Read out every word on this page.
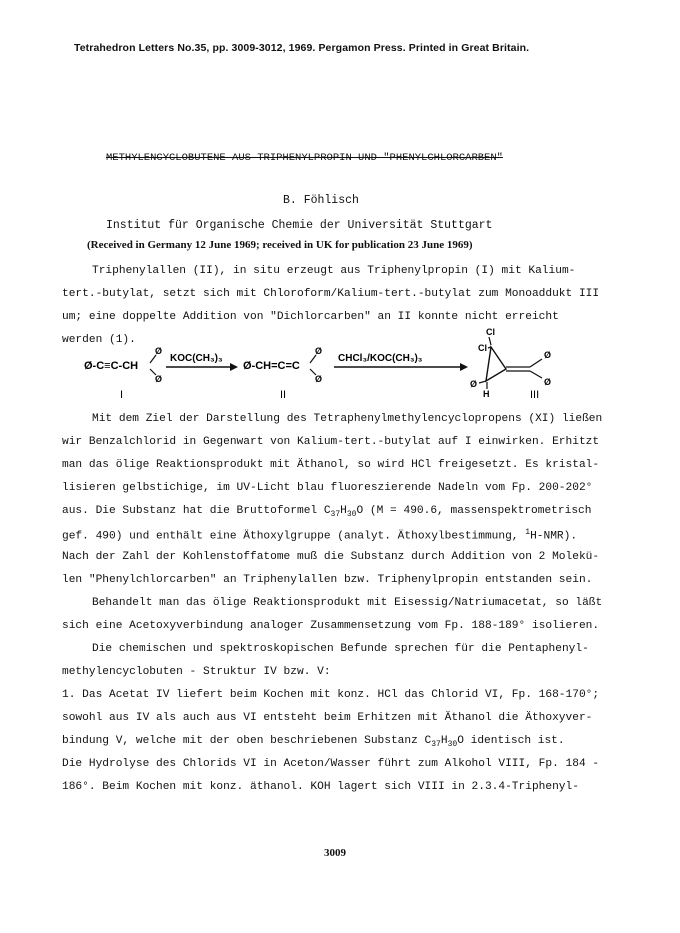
Tetrahedron Letters No.35, pp. 3009-3012, 1969. Pergamon Press. Printed in Great Britain.
METHYLENCYCLOBUTENE AUS TRIPHENYLPROPIN UND "PHENYLCHLORCARBEN"
B. Föhlisch
Institut für Organische Chemie der Universität Stuttgart
(Received in Germany 12 June 1969; received in UK for publication 23 June 1969)
Triphenylallen (II), in situ erzeugt aus Triphenylpropin (I) mit Kalium-
tert.-butylat, setzt sich mit Chloroform/Kalium-tert.-butylat zum Monoaddukt III
um; eine doppelte Addition von "Dichlorcarben" an II konnte nicht erreicht
werden (1).
Ø-C≡C-CH
Ø
Ø
I
KOC(CH₃)₃
Ø-CH=C=C
Ø
Ø
II
CHCl₃/KOC(CH₃)₃
Cl
Cl
Ø
Ø
Ø
H	III
Mit dem Ziel der Darstellung des Tetraphenylmethylencyclopropens (XI) ließen
wir Benzalchlorid in Gegenwart von Kalium-tert.-butylat auf I einwirken. Erhitzt
man das ölige Reaktionsprodukt mit Äthanol, so wird HCl freigesetzt. Es kristal-
lisieren gelbstichige, im UV-Licht blau fluoreszierende Nadeln vom Fp. 200-202°
aus. Die Substanz hat die Bruttoformel $C_{37}H_{30}O$ (M = 490.6, massenspektrometrisch
gef. 490) und enthält eine Äthoxylgruppe (analyt. Äthoxylbestimmung, $^1$H-NMR).
Nach der Zahl der Kohlenstoffatome muß die Substanz durch Addition von 2 Molekü-
len "Phenylchlorcarben" an Triphenylallen bzw. Triphenylpropin entstanden sein.
Behandelt man das ölige Reaktionsprodukt mit Eisessig/Natriumacetat, so läßt
sich eine Acetoxyverbindung analoger Zusammensetzung vom Fp. 188-189° isolieren.
Die chemischen und spektroskopischen Befunde sprechen für die Pentaphenyl-
methylencyclobuten - Struktur IV bzw. V:
1. Das Acetat IV liefert beim Kochen mit konz. HCl das Chlorid VI, Fp. 168-170°;
sowohl aus IV als auch aus VI entsteht beim Erhitzen mit Äthanol die Äthoxyver-
bindung V, welche mit der oben beschriebenen Substanz $C_{37}H_{30}O$ identisch ist.
Die Hydrolyse des Chlorids VI in Aceton/Wasser führt zum Alkohol VIII, Fp. 184 -
186°. Beim Kochen mit konz. äthanol. KOH lagert sich VIII in 2.3.4-Triphenyl-
3009
